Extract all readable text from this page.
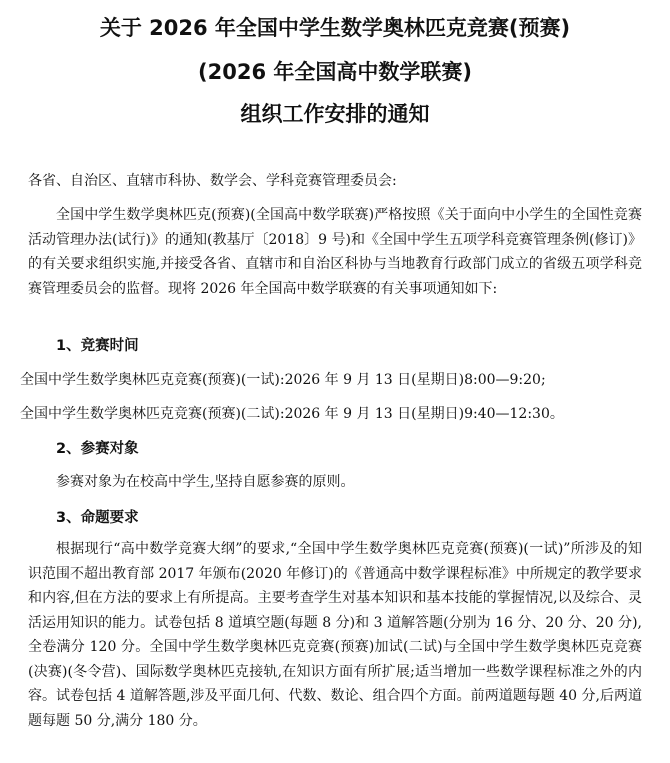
关于 2026 年全国中学生数学奥林匹克竞赛(预赛)
(2026 年全国高中数学联赛)
组织工作安排的通知
各省、自治区、直辖市科协、数学会、学科竞赛管理委员会:
全国中学生数学奥林匹克(预赛)(全国高中数学联赛)严格按照《关于面向中小学生的全国性竞赛活动管理办法(试行)》的通知(教基厅〔2018〕9 号)和《全国中学生五项学科竞赛管理条例(修订)》的有关要求组织实施,并接受各省、直辖市和自治区科协与当地教育行政部门成立的省级五项学科竞赛管理委员会的监督。现将 2026 年全国高中数学联赛的有关事项通知如下:
1、竞赛时间
全国中学生数学奥林匹克竞赛(预赛)(一试):2026 年 9 月 13 日(星期日)8:00—9:20;
全国中学生数学奥林匹克竞赛(预赛)(二试):2026 年 9 月 13 日(星期日)9:40—12:30。
2、参赛对象
参赛对象为在校高中学生,坚持自愿参赛的原则。
3、命题要求
根据现行“高中数学竞赛大纲”的要求,“全国中学生数学奥林匹克竞赛(预赛)(一试)”所涉及的知识范围不超出教育部 2017 年颁布(2020 年修订)的《普通高中数学课程标准》中所规定的教学要求和内容,但在方法的要求上有所提高。主要考查学生对基本知识和基本技能的掌握情况,以及综合、灵活运用知识的能力。试卷包括 8 道填空题(每题 8 分)和 3 道解答题(分别为 16 分、20 分、20 分),全卷满分 120 分。全国中学生数学奥林匹克竞赛(预赛)加试(二试)与全国中学生数学奥林匹克竞赛(决赛)(冬令营)、国际数学奥林匹克接轨,在知识方面有所扩展;适当增加一些数学课程标准之外的内容。试卷包括 4 道解答题,涉及平面几何、代数、数论、组合四个方面。前两道题每题 40 分,后两道题每题 50 分,满分 180 分。
